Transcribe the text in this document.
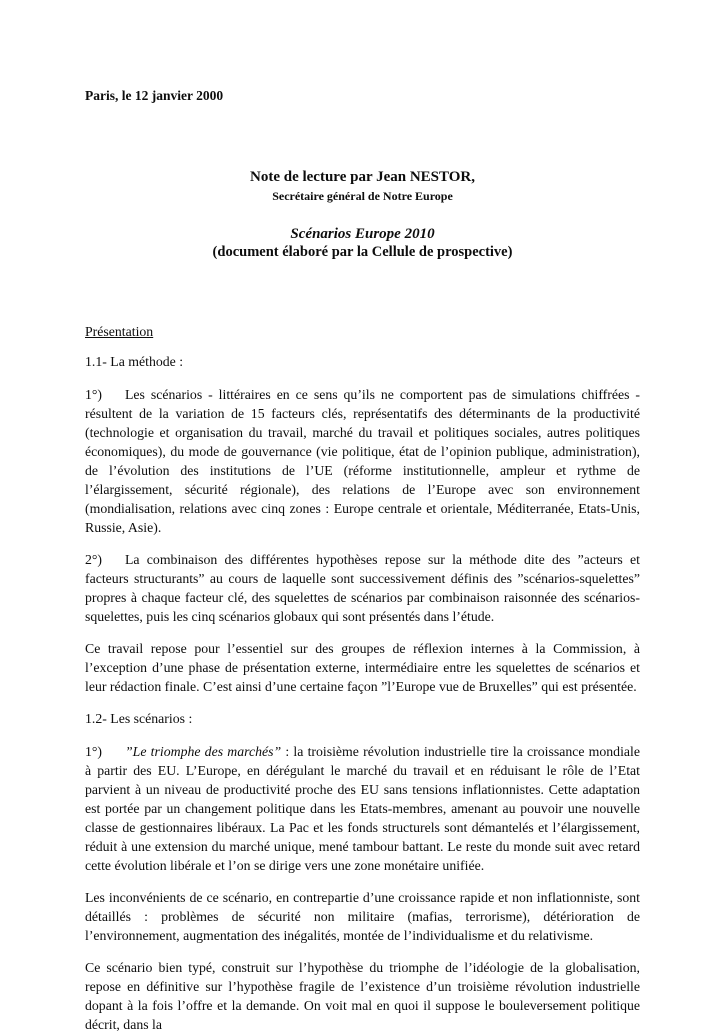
Paris, le 12 janvier 2000

Note de lecture par Jean NESTOR,

Secrétaire général de Notre Europe

Scénarios Europe 2010

(document élaboré par la Cellule de prospective)

Présentation

1.1- La méthode :

1°) Les scénarios - littéraires en ce sens qu’ils ne comportent pas de simulations chiffrées - résultent de la variation de 15 facteurs clés, représentatifs des déterminants de la productivité (technologie et organisation du travail, marché du travail et politiques sociales, autres politiques économiques), du mode de gouvernance (vie politique, état de l’opinion publique, administration), de l’évolution des institutions de l’UE (réforme institutionnelle, ampleur et rythme de l’élargissement, sécurité régionale), des relations de l’Europe avec son environnement (mondialisation, relations avec cinq zones : Europe centrale et orientale, Méditerranée, Etats-Unis, Russie, Asie).

2°) La combinaison des différentes hypothèses repose sur la méthode dite des ”acteurs et facteurs structurants” au cours de laquelle sont successivement définis des ”scénarios-squelettes” propres à chaque facteur clé, des squelettes de scénarios par combinaison raisonnée des scénarios-squelettes, puis les cinq scénarios globaux qui sont présentés dans l’étude.

Ce travail repose pour l’essentiel sur des groupes de réflexion internes à la Commission, à l’exception d’une phase de présentation externe, intermédiaire entre les squelettes de scénarios et leur rédaction finale. C’est ainsi d’une certaine façon ”l’Europe vue de Bruxelles” qui est présentée.

1.2- Les scénarios :

1°) ”Le triomphe des marchés” : la troisième révolution industrielle tire la croissance mondiale à partir des EU. L’Europe, en dérégulant le marché du travail et en réduisant le rôle de l’Etat parvient à un niveau de productivité proche des EU sans tensions inflationnistes. Cette adaptation est portée par un changement politique dans les Etats-membres, amenant au pouvoir une nouvelle classe de gestionnaires libéraux. La Pac et les fonds structurels sont démantelés et l’élargissement, réduit à une extension du marché unique, mené tambour battant. Le reste du monde suit avec retard cette évolution libérale et l’on se dirige vers une zone monétaire unifiée.

Les inconvénients de ce scénario, en contrepartie d’une croissance rapide et non inflationniste, sont détaillés : problèmes de sécurité non militaire (mafias, terrorisme), détérioration de l’environnement, augmentation des inégalités, montée de l’individualisme et du relativisme.

Ce scénario bien typé, construit sur l’hypothèse du triomphe de l’idéologie de la globalisation, repose en définitive sur l’hypothèse fragile de l’existence d’un troisième révolution industrielle dopant à la fois l’offre et la demande. On voit mal en quoi il suppose le bouleversement politique décrit, dans la
